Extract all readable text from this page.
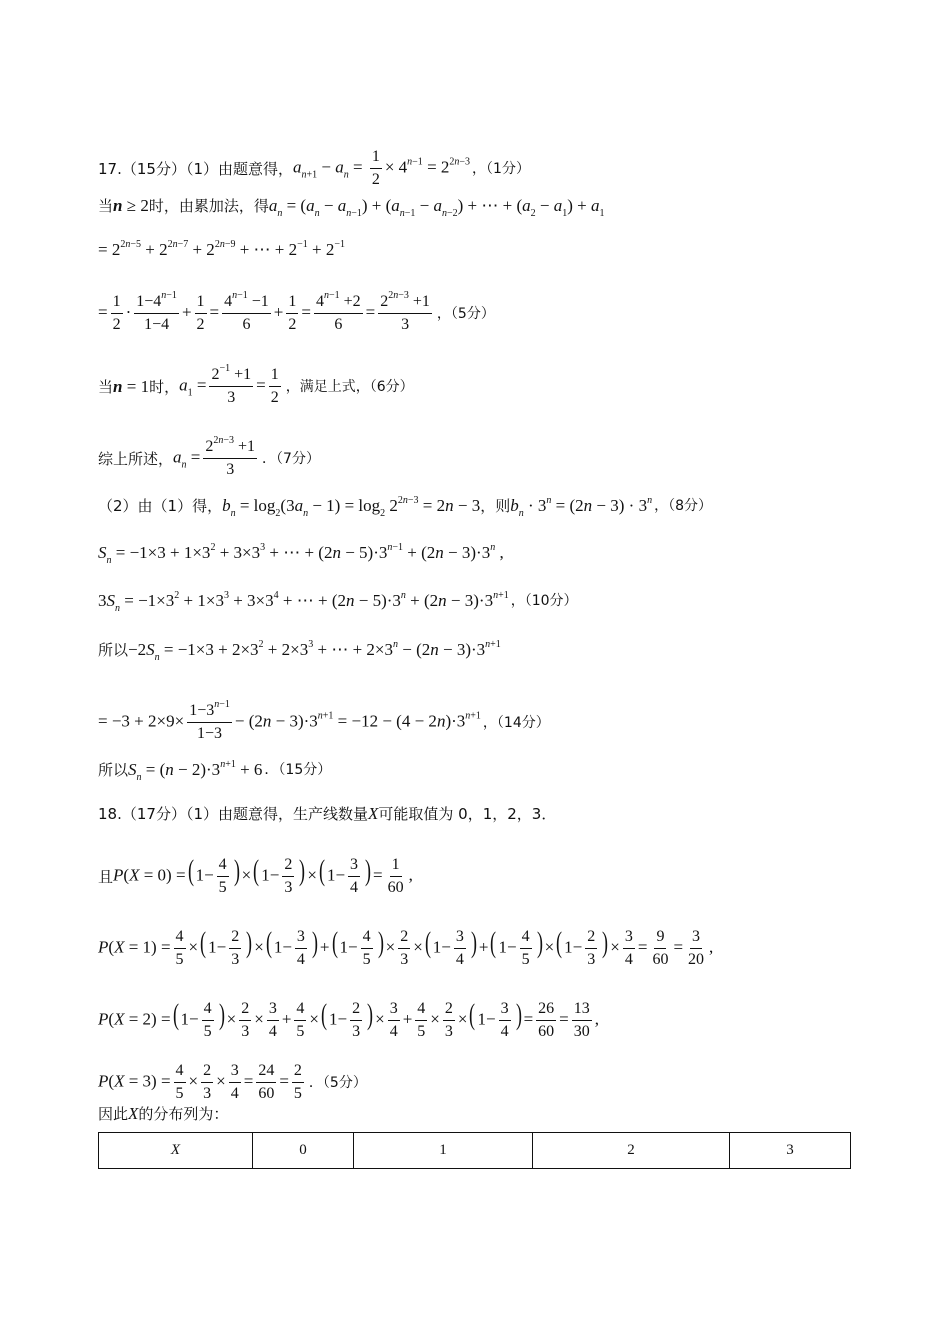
17.（15分）（1）由题意得， $a_{n+1} - a_n = \frac{1}{2} \times 4^{n-1} = 2^{2n-3}$ ，（1分）
当 n ≥ 2 时，由累加法，得 $a_n = (a_n - a_{n-1}) + (a_{n-1} - a_{n-2})$ + ⋯ + $(a_2 - a_1) + a_1$
= $2^{2n-5} + 2^{2n-7} + 2^{2n-9}$ + ⋯ + $2^{-1} + 2^{-1}$
= $\frac{1}{2} \cdot \frac{1-4^{n-1}}{1-4} + \frac{1}{2} = \frac{4^{n-1} -1}{6} + \frac{1}{2} = \frac{4^{n-1} +2}{6} = \frac{2^{2n-3} +1}{3}$ ，（5分）
当 n = 1 时， $a_1 = \frac{2^{-1} +1}{3} = \frac{1}{2}$ ，满足上式，（6分）
综上所述， $a_n = \frac{2^{2n-3} +1}{3}$ ．（7分）
（2）由（1）得， $b_n = \log_2(3a_n - 1) = \log_2 2^{2n-3} = 2n - 3$ ，则 $b_n \cdot 3^n = (2n - 3) \cdot 3^n$ ，（8分）
$S_n = -1\times 3 + 1\times 3^2 + 3\times 3^3$ + ⋯ + $(2n - 5)\cdot 3^{n-1} + (2n - 3)\cdot 3^n$ ,
$3S_n = -1\times 3^2 + 1\times 3^3 + 3\times 3^4$ + ⋯ + $(2n - 5)\cdot 3^n + (2n - 3)\cdot 3^{n+1}$ ，（10分）
所以 $-2S_n = -1\times 3 + 2\times 3^2 + 2\times 3^3$ + ⋯ + $2\times 3^n - (2n - 3)\cdot 3^{n+1}$
= $-3 + 2\times 9\times \frac{1-3^{n-1}}{1-3} - (2n - 3)\cdot 3^{n+1} = -12 - (4 - 2n)\cdot 3^{n+1}$ ，（14分）
所以 $S_n = (n - 2)\cdot 3^{n+1} + 6$ ．（15分）
18.（17分）（1）由题意得，生产线数量 X 可能取值为 0，1，2，3．
且 P(X = 0) =( $1- \frac{4}{5}$ ) ×( $1- \frac{2}{3}$ ) ×( $1- \frac{3}{4}$ ) = $\frac{1}{60}$ ,
$P(X = 1) = \frac{4}{5}$ ×( $1- \frac{2}{3}$ ) ×( $1- \frac{3}{4}$ ) +( $1- \frac{4}{5}$ ) × $\frac{2}{3}$ ×( $1- \frac{3}{4}$ ) +( $1- \frac{4}{5}$ ) ×( $1- \frac{2}{3}$ ) × $\frac{3}{4} = \frac{9}{60} = \frac{3}{20}$ ,
P(X = 2) =( $1- \frac{4}{5}$ ) × $\frac{2}{3} \times \frac{3}{4} + \frac{4}{5}$ ×( $1- \frac{2}{3}$ ) × $\frac{3}{4} + \frac{4}{5} \times \frac{2}{3}$ ×( $1- \frac{3}{4}$ ) = $\frac{26}{60} = \frac{13}{30}$ ,
$P(X = 3) = \frac{4}{5} \times \frac{2}{3} \times \frac{3}{4} = \frac{24}{60} = \frac{2}{5}$ ．（5分）
因此 X 的分布列为：
X	0	1	2	3
